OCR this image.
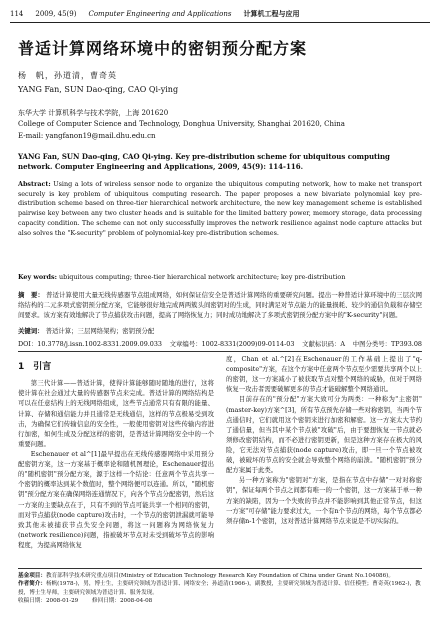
114 2009, 45(9) Computer Engineering and Applications 计算机工程与应用
普适计算网络环境中的密钥预分配方案
杨　帆，孙道清，曹奇英
YANG Fan, SUN Dao-qing, CAO Qi-ying
东华大学 计算机科学与技术学院，上海 201620
College of Computer Science and Technology, Donghua University, Shanghai 201620, China
E-mail: yangfanon19@mail.dhu.edu.cn
YANG Fan, SUN Dao-qing, CAO Qi-ying. Key pre-distribution scheme for ubiquitous computing network. Computer Engineering and Applications, 2009, 45(9): 114-116.
Abstract: Using a lots of wireless sensor node to organize the ubiquitous computing network, how to make net transport securely is key problem of ubiquitous computing research. The paper proposes a new bivariate polynomial key pre-distribution scheme based on three-tier hierarchical network architecture, the new key management scheme is established pairwise key between any two cluster heads and is suitable for the limited battery power, memory storage, data processing capacity condition. The scheme can not only successfully improves the network resilience against node capture attacks but also solves the "K-security" problem of polynomial-key pre-distribution schemes.
Key words: ubiquitous computing; three-tier hierarchical network architecture; key pre-distribution
摘　要： 普适计算使用大量无线传感器节点组成网络，如何保证信安全是普适计算网络的重要研究问题。提出一种普适计算环境中的三层次网络结构的二元多项式密钥预分配方案，它能够很好地完成两两簇头间密钥对的生成，同时满足对节点能力的能量损耗、较少的通信负载和存储空间要求。该方案有效地解决了节点捕获攻击问题，提高了网络恢复力；同时成功地解决了多项式密钥预分配方案中的"K-security"问题。
关键词： 普适计算；三层网络架构；密钥预分配
DOI：10.3778/j.issn.1002-8331.2009.09.033 文章编号：1002-8331(2009)09-0114-03 文献标识码：A 中图分类号：TP393.08
1　引言

第三代计算——普适计算，使得计算能够随时随地的进行，这将使计算在社会通过大量的传感器节点来完成。普适计算的网络结构是可以在任意结构上的无线网络组成，这些节点通常只有有限的能量、计算、存储和通信能力并且通常是无线通信，这样的节点极易受到攻击，为确保它们传输信息的安全性，一般使用密钥对这些传输内容进行加密，如何生成及分配这样的密钥，是普适计算网络安全中的一个重要问题。

Eschenauer et al^[1]最早提出在无线传感器网络中采用预分配密钥方案，这一方案基于概率论和随机图理论，Eschenauer提出的"随机密钥"预分配方案，源于这样一个结论：任意两个节点共享一个密钥的概率达到某个数值时，整个网络便可以连通。所以，"随机密钥"预分配方案在确保网络连通情况下，向各个节点分配密钥，然后这一方案的主要缺点在于，只有不到的节点可能共享一个相同的密钥，而对节点捕获(node capture)攻击时，一个节点的密钥泄漏就可能导致其他未被捕获节点失安全问题，将这一问题称为网络恢复力(network resilience)问题，指被破坏节点对未受到破坏节点的影响程度，为提高网络恢复

度，Chan et al.^[2]在Eschenauer的工作基础上提出了"q-composite"方案，在这个方案中任意两个节点至少需要共享两个以上的密钥，这一方案减小了被获取节点对整个网络的威胁，但对于网络恢复一攻击者需要破解更多的节点才能破解整个网络通讯。

目前存在的"预分配"方案大致可分为两类：一种称为"主密钥"(master-key)方案^[3]，所有节点预先存储一些对称密钥，当两个节点通信时，它们就用这个密钥来进行加密和解密。这一方案太大节约了通信量，但当其中某个节点被"攻破"后，由于要想恢复一节点就必须修改密钥结构，而不必进行密钥更新，但是这种方案存在极大的风险，它无法对节点捕获(node capture)攻击，即一旦一个节点被攻破，被破坏的节点的安全就会导致整个网络的崩溃。"随机密钥"预分配方案属于此类。

另一种方案称为"密钥对"方案，是指在节点中存储"一对对称密钥"，保证每两个节点之间都有唯一的一个密钥，这一方案基于单一种方案的缺陷，因为一个失败的节点并不能影响到其他正常节点，但这一方案"可存储"能力要求过大，一个有n个节点的网络，每个节点都必须存储n-1个密钥，这对普适计算网络节点来说是不切实际的。

基金项目：教育部科学技术研究重点项目(Ministry of Education Technology Research Key Foundation of China under Grant No.104086)。
作者简介：杨帆(1978-)，男，博士生，主要研究领域为普适计算、网络安全；孙道清(1966-)，副教授，主要研究领域为普适计算、信任模型；曹奇英(1962-)，教授，博士生导师，主要研究领域为普适计算、服务发现。
收稿日期：2008-01-29 修回日期：2008-04-08
